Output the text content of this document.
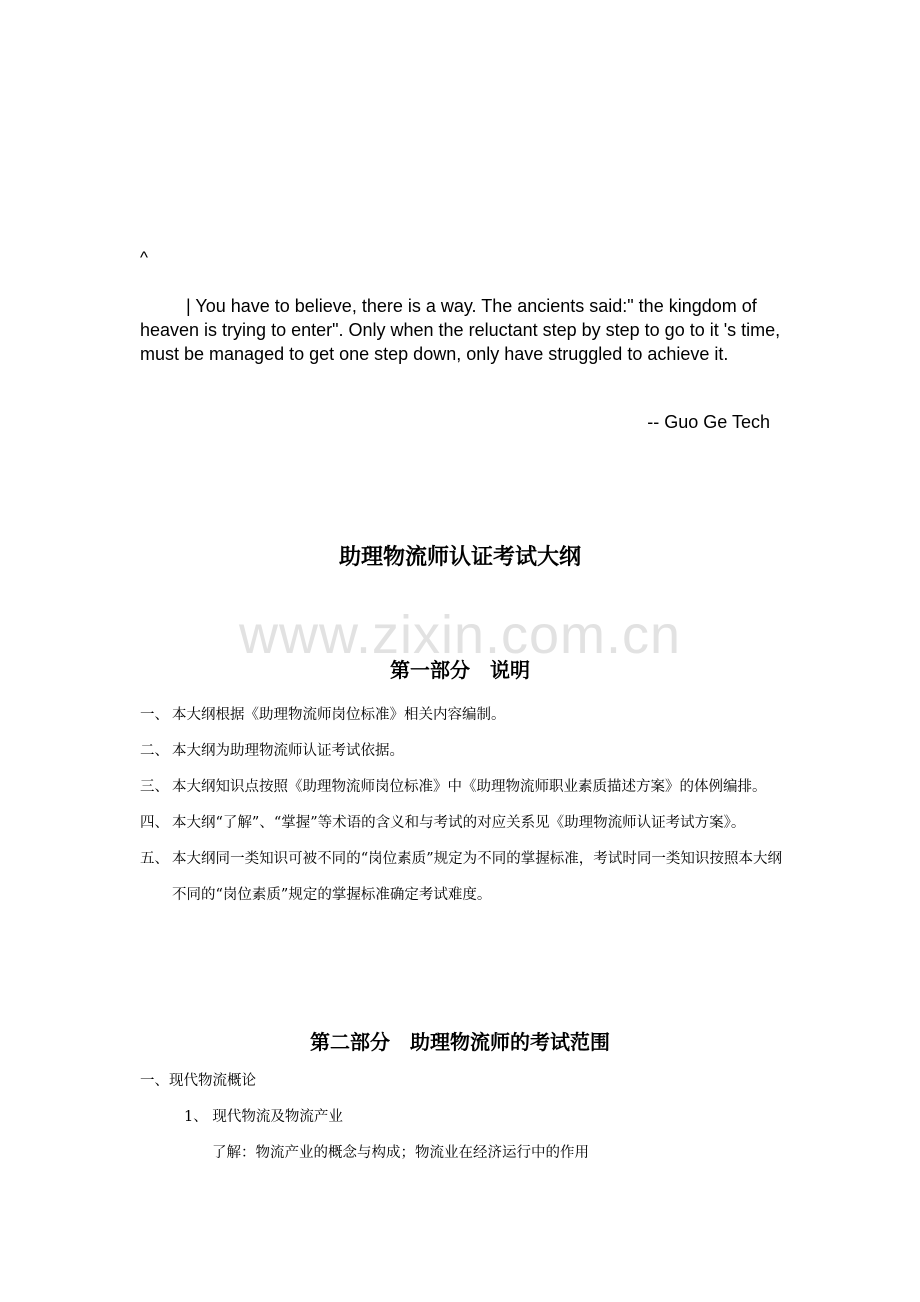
^

| You have to believe, there is a way. The ancients said:" the kingdom of heaven is trying to enter". Only when the reluctant step by step to go to it 's time, must be managed to get one step down, only have struggled to achieve it.

-- Guo Ge Tech
www.zixin.com.cn
助理物流师认证考试大纲
第一部分　说明
一、 本大纲根据《助理物流师岗位标准》相关内容编制。
二、 本大纲为助理物流师认证考试依据。
三、 本大纲知识点按照《助理物流师岗位标准》中《助理物流师职业素质描述方案》的体例编排。
四、 本大纲“了解”、“掌握”等术语的含义和与考试的对应关系见《助理物流师认证考试方案》。
五、 本大纲同一类知识可被不同的“岗位素质”规定为不同的掌握标准，考试时同一类知识按照本大纲不同的“岗位素质”规定的掌握标准确定考试难度。
第二部分　助理物流师的考试范围
一、现代物流概论
1、 现代物流及物流产业
了解：物流产业的概念与构成；物流业在经济运行中的作用
